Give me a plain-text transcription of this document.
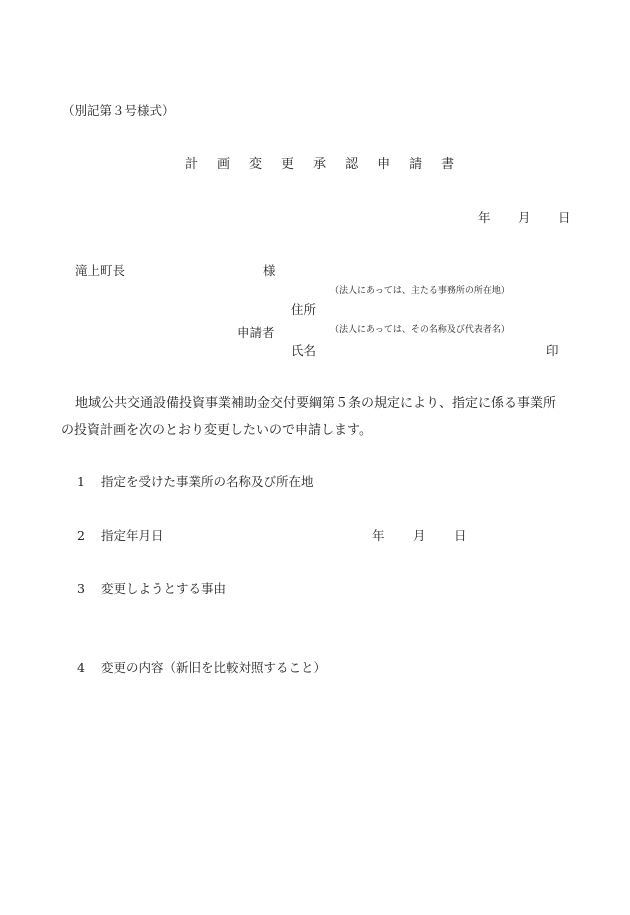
（別記第３号様式）
計 画 変 更 承 認 申 請 書
年 月 日
滝上町長	様
（法人にあっては、主たる事務所の所在地）
住所
申請者	（法人にあっては、その名称及び代表者名）
氏名	印
地域公共交通設備投資事業補助金交付要綱第５条の規定により、指定に係る事業所
の投資計画を次のとおり変更したいので申請します。
1 指定を受けた事業所の名称及び所在地
2 指定年月日	年 月 日
3 変更しようとする事由
4 変更の内容（新旧を比較対照すること）
